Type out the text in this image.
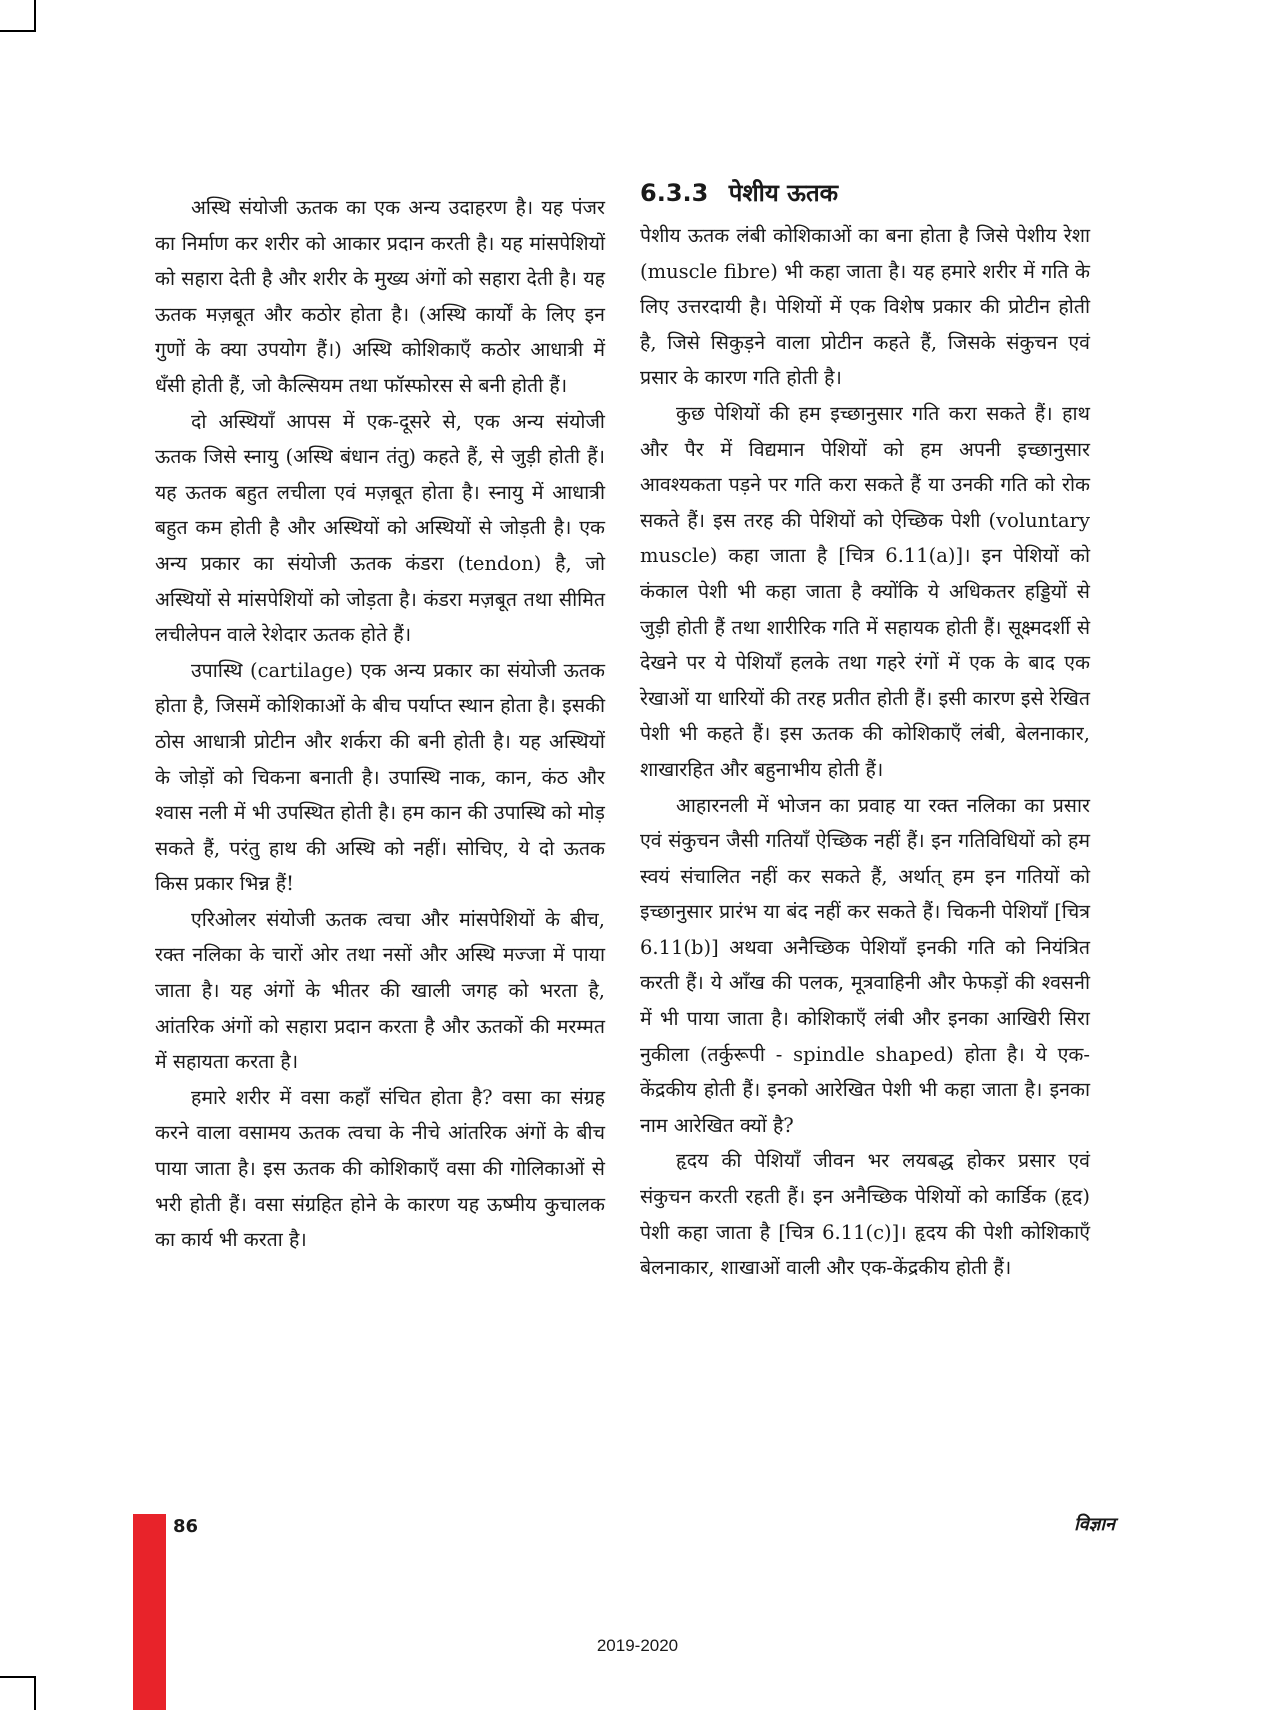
अस्थि संयोजी ऊतक का एक अन्य उदाहरण है। यह पंजर का निर्माण कर शरीर को आकार प्रदान करती है। यह मांसपेशियों को सहारा देती है और शरीर के मुख्य अंगों को सहारा देती है। यह ऊतक मज़बूत और कठोर होता है। (अस्थि कार्यों के लिए इन गुणों के क्या उपयोग हैं।) अस्थि कोशिकाएँ कठोर आधात्री में धँसी होती हैं, जो कैल्सियम तथा फॉस्फोरस से बनी होती हैं।

दो अस्थियाँ आपस में एक-दूसरे से, एक अन्य संयोजी ऊतक जिसे स्नायु (अस्थि बंधान तंतु) कहते हैं, से जुड़ी होती हैं। यह ऊतक बहुत लचीला एवं मज़बूत होता है। स्नायु में आधात्री बहुत कम होती है और अस्थियों को अस्थियों से जोड़ती है। एक अन्य प्रकार का संयोजी ऊतक कंडरा (tendon) है, जो अस्थियों से मांसपेशियों को जोड़ता है। कंडरा मज़बूत तथा सीमित लचीलेपन वाले रेशेदार ऊतक होते हैं।

उपास्थि (cartilage) एक अन्य प्रकार का संयोजी ऊतक होता है, जिसमें कोशिकाओं के बीच पर्याप्त स्थान होता है। इसकी ठोस आधात्री प्रोटीन और शर्करा की बनी होती है। यह अस्थियों के जोड़ों को चिकना बनाती है। उपास्थि नाक, कान, कंठ और श्वास नली में भी उपस्थित होती है। हम कान की उपास्थि को मोड़ सकते हैं, परंतु हाथ की अस्थि को नहीं। सोचिए, ये दो ऊतक किस प्रकार भिन्न हैं!

एरिओलर संयोजी ऊतक त्वचा और मांसपेशियों के बीच, रक्त नलिका के चारों ओर तथा नसों और अस्थि मज्जा में पाया जाता है। यह अंगों के भीतर की खाली जगह को भरता है, आंतरिक अंगों को सहारा प्रदान करता है और ऊतकों की मरम्मत में सहायता करता है।

हमारे शरीर में वसा कहाँ संचित होता है? वसा का संग्रह करने वाला वसामय ऊतक त्वचा के नीचे आंतरिक अंगों के बीच पाया जाता है। इस ऊतक की कोशिकाएँ वसा की गोलिकाओं से भरी होती हैं। वसा संग्रहित होने के कारण यह ऊष्मीय कुचालक का कार्य भी करता है।

6.3.3 पेशीय ऊतक

पेशीय ऊतक लंबी कोशिकाओं का बना होता है जिसे पेशीय रेशा (muscle fibre) भी कहा जाता है। यह हमारे शरीर में गति के लिए उत्तरदायी है। पेशियों में एक विशेष प्रकार की प्रोटीन होती है, जिसे सिकुड़ने वाला प्रोटीन कहते हैं, जिसके संकुचन एवं प्रसार के कारण गति होती है।

कुछ पेशियों की हम इच्छानुसार गति करा सकते हैं। हाथ और पैर में विद्यमान पेशियों को हम अपनी इच्छानुसार आवश्यकता पड़ने पर गति करा सकते हैं या उनकी गति को रोक सकते हैं। इस तरह की पेशियों को ऐच्छिक पेशी (voluntary muscle) कहा जाता है [चित्र 6.11(a)]। इन पेशियों को कंकाल पेशी भी कहा जाता है क्योंकि ये अधिकतर हड्डियों से जुड़ी होती हैं तथा शारीरिक गति में सहायक होती हैं। सूक्ष्मदर्शी से देखने पर ये पेशियाँ हलके तथा गहरे रंगों में एक के बाद एक रेखाओं या धारियों की तरह प्रतीत होती हैं। इसी कारण इसे रेखित पेशी भी कहते हैं। इस ऊतक की कोशिकाएँ लंबी, बेलनाकार, शाखारहित और बहुनाभीय होती हैं।

आहारनली में भोजन का प्रवाह या रक्त नलिका का प्रसार एवं संकुचन जैसी गतियाँ ऐच्छिक नहीं हैं। इन गतिविधियों को हम स्वयं संचालित नहीं कर सकते हैं, अर्थात् हम इन गतियों को इच्छानुसार प्रारंभ या बंद नहीं कर सकते हैं। चिकनी पेशियाँ [चित्र 6.11(b)] अथवा अनैच्छिक पेशियाँ इनकी गति को नियंत्रित करती हैं। ये आँख की पलक, मूत्रवाहिनी और फेफड़ों की श्वसनी में भी पाया जाता है। कोशिकाएँ लंबी और इनका आखिरी सिरा नुकीला (तर्कुरूपी - spindle shaped) होता है। ये एक-केंद्रकीय होती हैं। इनको आरेखित पेशी भी कहा जाता है। इनका नाम आरेखित क्यों है?

हृदय की पेशियाँ जीवन भर लयबद्ध होकर प्रसार एवं संकुचन करती रहती हैं। इन अनैच्छिक पेशियों को कार्डिक (हृद) पेशी कहा जाता है [चित्र 6.11(c)]। हृदय की पेशी कोशिकाएँ बेलनाकार, शाखाओं वाली और एक-केंद्रकीय होती हैं।

86	विज्ञान
2019-2020
